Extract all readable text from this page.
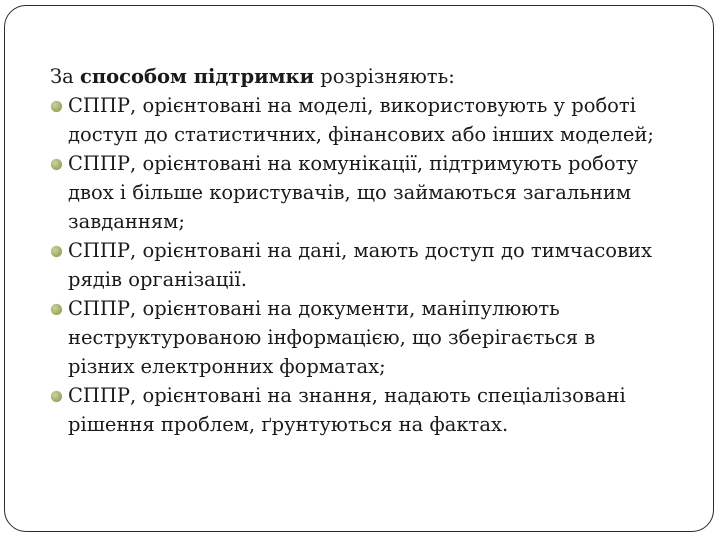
За способом підтримки розрізняють:

СППР, орієнтовані на моделі, використовують у роботі
доступ до статистичних, фінансових або інших моделей;
СППР, орієнтовані на комунікації, підтримують роботу
двох і більше користувачів, що займаються загальним
завданням;
СППР, орієнтовані на дані, мають доступ до тимчасових
рядів організації.
СППР, орієнтовані на документи, маніпулюють
неструктурованою інформацією, що зберігається в
різних електронних форматах;
СППР, орієнтовані на знання, надають спеціалізовані
рішення проблем, ґрунтуються на фактах.
